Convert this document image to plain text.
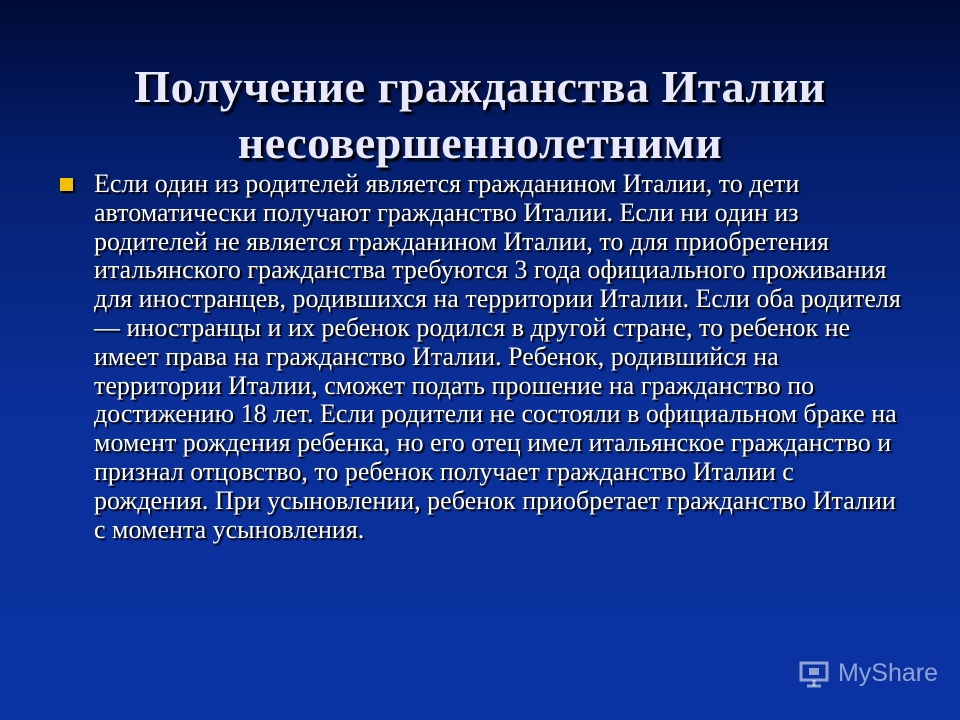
Получение гражданства Италии
несовершеннолетними
Если один из родителей является гражданином Италии, то дети автоматически получают гражданство Италии. Если ни один из родителей не является гражданином Италии, то для приобретения итальянского гражданства требуются 3 года официального проживания для иностранцев, родившихся на территории Италии. Если оба родителя — иностранцы и их ребенок родился в другой стране, то ребенок не имеет права на гражданство Италии. Ребенок, родившийся на территории Италии, сможет подать прошение на гражданство по достижению 18 лет. Если родители не состояли в официальном браке на момент рождения ребенка, но его отец имел итальянское гражданство и признал отцовство, то ребенок получает гражданство Италии с рождения. При усыновлении, ребенок приобретает гражданство Италии с момента усыновления.
MyShare
